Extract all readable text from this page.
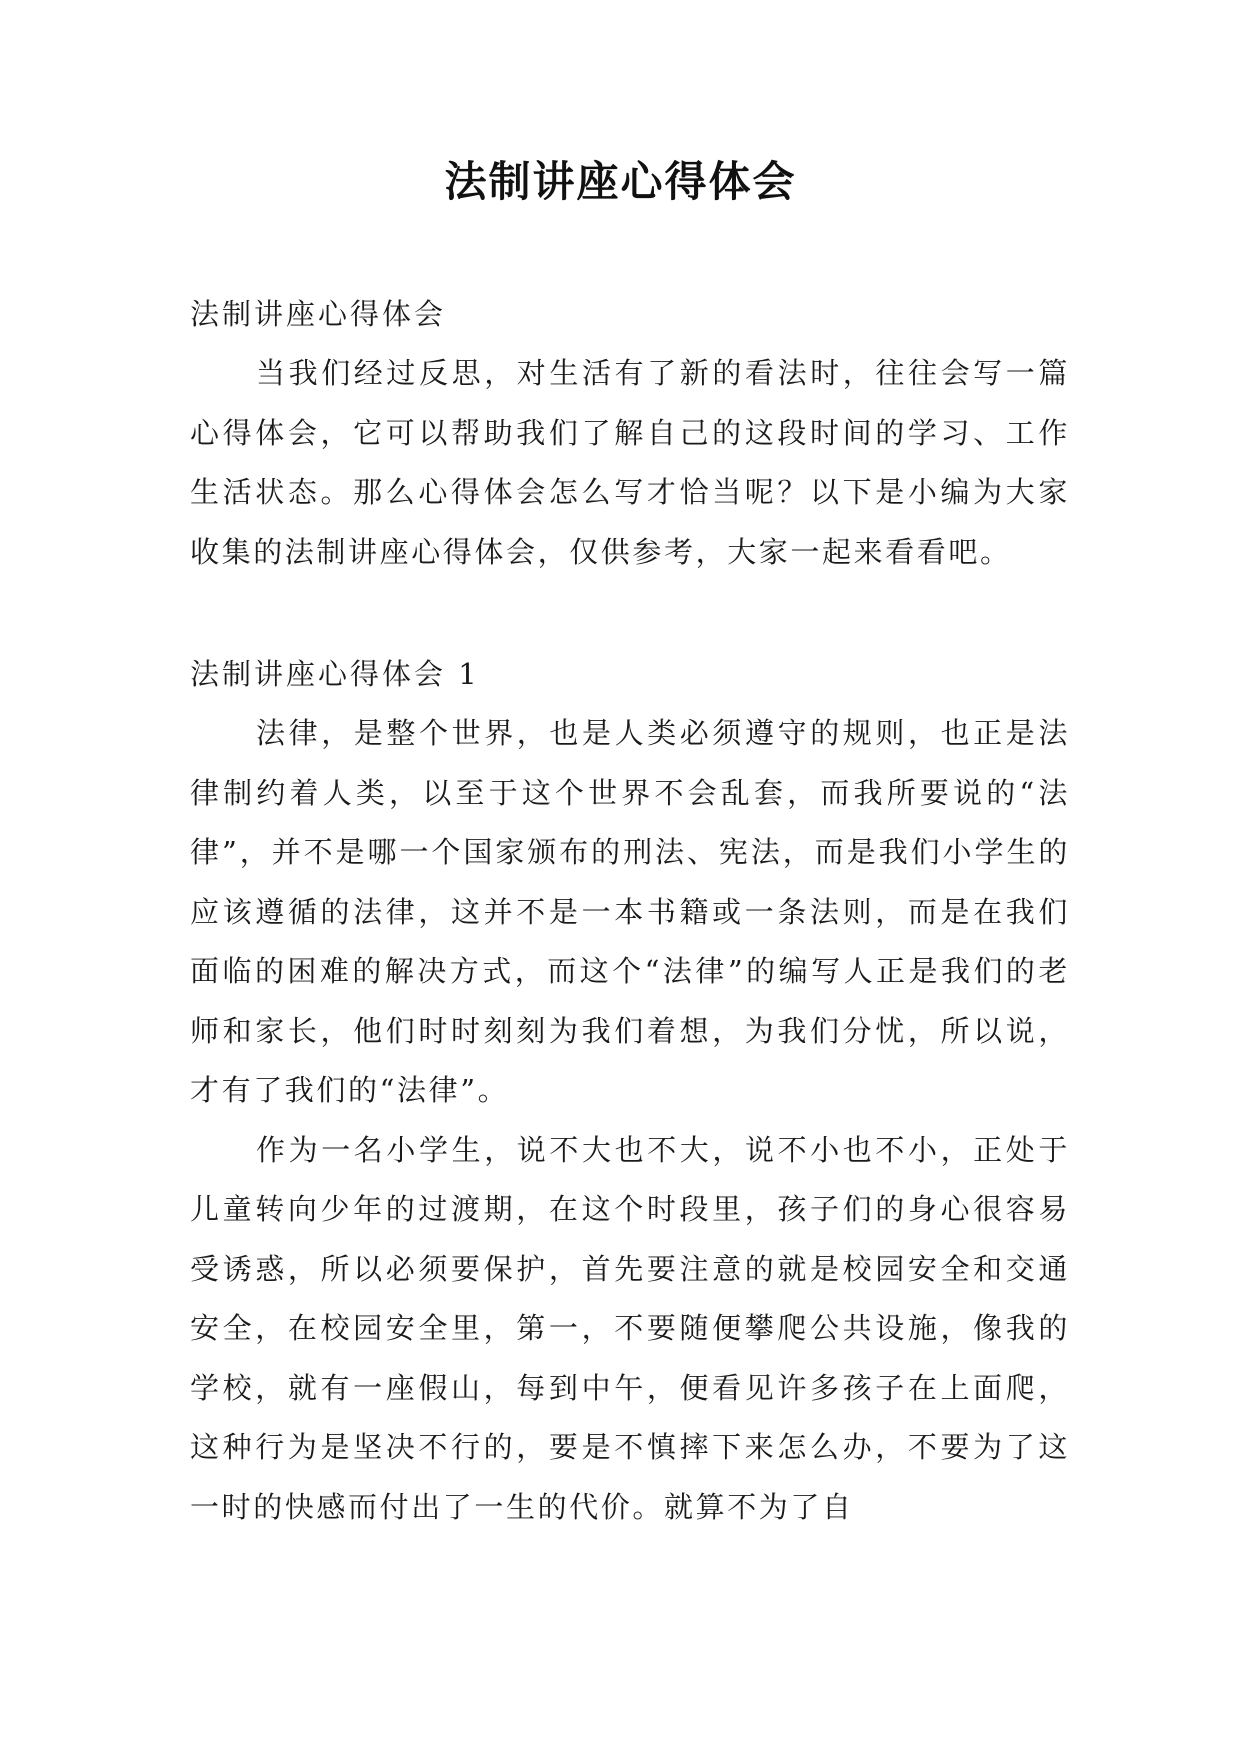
法制讲座心得体会

法制讲座心得体会

当我们经过反思，对生活有了新的看法时，往往会写一篇心得体会，它可以帮助我们了解自己的这段时间的学习、工作生活状态。那么心得体会怎么写才恰当呢？以下是小编为大家收集的法制讲座心得体会，仅供参考，大家一起来看看吧。

法制讲座心得体会 1

法律，是整个世界，也是人类必须遵守的规则，也正是法律制约着人类，以至于这个世界不会乱套，而我所要说的“法律”，并不是哪一个国家颁布的刑法、宪法，而是我们小学生的应该遵循的法律，这并不是一本书籍或一条法则，而是在我们面临的困难的解决方式，而这个“法律”的编写人正是我们的老师和家长，他们时时刻刻为我们着想，为我们分忧，所以说，才有了我们的“法律”。

作为一名小学生，说不大也不大，说不小也不小，正处于儿童转向少年的过渡期，在这个时段里，孩子们的身心很容易受诱惑，所以必须要保护，首先要注意的就是校园安全和交通安全，在校园安全里，第一，不要随便攀爬公共设施，像我的学校，就有一座假山，每到中午，便看见许多孩子在上面爬，这种行为是坚决不行的，要是不慎摔下来怎么办，不要为了这一时的快感而付出了一生的代价。就算不为了自
